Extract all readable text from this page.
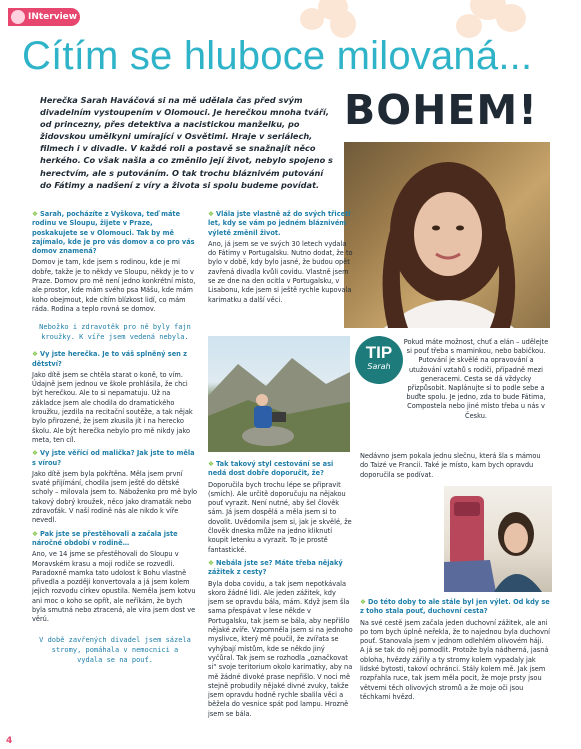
INterview
Cítím se hluboce milovaná...
Herečka Sarah Haváčová si na mě udělala čas před svým divadelním vystoupením v Olomouci. Je herečkou mnoha tváří, od princezny, přes detektiva a nacistickou manželku, po židovskou umělkyni umírající v Osvětimi. Hraje v seriálech, filmech i v divadle. V každé roli a postavě se snažnajít něco herkého. Co však našla a co změnilo její život, nebylo spojeno s herectvím, ale s putováním. O tak trochu bláznivém putování do Fátimy a nadšení z víry a života si spolu budeme povídat.
BOHEM!

❖ Sarah, pocházíte z Vyškova, teď máte rodinu ve Sloupu, žijete v Praze, poskakujete se v Olomouci. Tak by mě zajímalo, kde je pro vás domov a co pro vás domov znamená?

Domov je tam, kde jsem s rodinou, kde je mi dobře, takže je to někdy ve Sloupu, někdy je to v Praze. Domov pro mě není jedno konkrétní místo, ale prostor, kde mám svého psa Mášu, kde mám koho obejmout, kde cítím blízkost lidí, co mám ráda. Rodina a teplo rovná se domov.

Nebožko i zdravotěk pro ně byly fajn kroužky. K víře jsem vedená nebyla.

❖ Vy jste herečka. Je to váš splněný sen z dětství?

Jako dítě jsem se chtěla starat o koně, to vím. Údajně jsem jednou ve škole prohlásila, že chci být herečkou. Ale to si nepamatuju. Už na základce jsem ale chodila do dramatického kroužku, jezdila na recitační soutěže, a tak nějak bylo přirozené, že jsem zkusila jít i na herecko školu. Ale být herečka nebylo pro mě nikdy jako meta, ten cíl.

❖ Vy jste věřící od malička? Jak jste to měla s vírou?

Jako dítě jsem byla pokřtěna. Měla jsem první svaté přijímání, chodila jsem ještě do dětské scholy – milovala jsem to. Náboženko pro mě bylo takový dobrý kroužek, něco jako dramaták nebo zdravoťák. V naší rodině nás ale nikdo k víře nevedl.

❖ Pak jste se přestěhovali a začala jste náročné období v rodině…

Ano, ve 14 jsme se přestěhovali do Sloupu v Moravském krasu a moji rodiče se rozvedli. Paradoxně mamka tato udolost k Bohu vlastně přivedla a později konvertovala a já jsem kolem jejich rozvodu církev opustila. Neměla jsem kotvu ani moc o koho se opřít, ale neříkám, že bych byla smutná nebo ztracená, ale víra jsem dost ve věrú.

V době zavřených divadel jsem sázela stromy, pomáhala v nemocnici a vydala se na pouť.

❖ Vlála jste vlastně až do svých třiceti let, kdy se vám po jedném bláznivém výletě změnil život.

Ano, já jsem se ve svých 30 letech vydala do Fátimy v Portugalsku. Nutno dodat, že to bylo v době, kdy bylo jasné, že budou opět zavřená divadla kvůli covidu. Vlastně jsem se ze dne na den ocitla v Portugalsku, v Lisabonu, kde jsem si ještě rychle kupovala karimatku a další věci.

❖ Tak takový styl cestování se asi nedá dost dobře doporučit, že?

Doporučila bych trochu lépe se připravit (smích). Ale určitě doporučuju na nějakou pouť vyrazit. Není nutné, aby šel člověk sám. Já jsem dospělá a měla jsem si to dovolit. Uvědomila jsem si, jak je skvělé, že člověk dneska může na jedno kliknutí koupit letenku a vyrazit. To je prostě fantastické.

❖ Nebála jste se? Máte třeba nějaký zážitek z cesty?

Byla doba covidu, a tak jsem nepotkávala skoro žádné lidi. Ale jeden zážitek, kdy jsem se opravdu bála, mám. Když jsem šla sama přespávat v lese někde v Portugalsku, tak jsem se bála, aby nepřišlo nějaké zvíře. Vzpomněla jsem si na jednoho myslivce, který mě poučil, že zvířata se vyhýbají místům, kde se někdo jiný vyčůral. Tak jsem se rozhodla „označkovat si“ svoje teritorium okolo karimatky, aby na mě žádné divoké prase nepřišlo. V noci mě stejně probudily nějaké divné zvuky, takže jsem opravdu hodně rychle sbalila věci a běžela do vesnice spát pod lampu. Hrozně jsem se bála.

TIP
Sarah
Pokud máte možnost, chuť a elán – udělejte si pouť třeba s maminkou, nebo babičkou. Putování je skvělé na opravování a utužování vztahů s rodiči, případně mezi generacemi. Cesta se dá vždycky přizpůsobit. Naplánujte si to podle sebe a buďte spolu. Je jedno, zda to bude Fátima, Compostela nebo jiné místo třeba u nás v Česku.

Nedávno jsem pokala jednu slečnu, která šla s mámou do Taizé ve Francii. Také je místo, kam bych opravdu doporučila se podívat.

❖ Do této doby to ale stále byl jen výlet. Od kdy se z toho stala pouť, duchovní cesta?

Na své cestě jsem začala jeden duchovní zážitek, ale ani po tom bych úplně neřekla, že to najednou byla duchovní pouť. Stanovala jsem v jednom odlehlém olivovém háji. A já se tak do něj pomodlit. Protože byla nádherná, jasná obloha, hvězdy zářily a ty stromy kolem vypadaly jak lidské bytosti, takoví ochránci. Stály kolem mě. Jak jsem rozpřahla ruce, tak jsem měla pocit, že moje prsty jsou větvemi těch olivových stromů a že moje oči jsou těchkami hvězd.

4
